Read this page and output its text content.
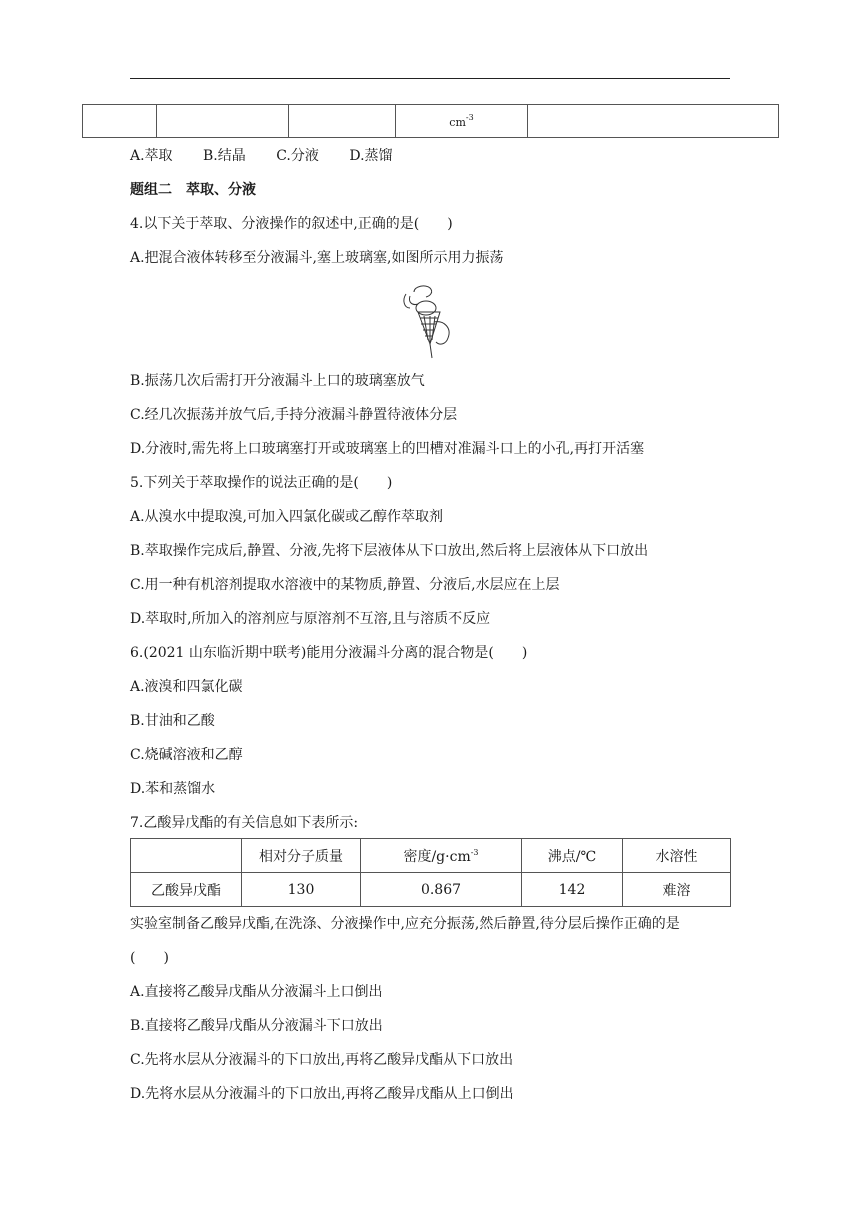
			$cm^{-3}$	
A.萃取 B.结晶 C.分液 D.蒸馏
题组二　萃取、分液
4.以下关于萃取、分液操作的叙述中,正确的是(　　)
A.把混合液体转移至分液漏斗,塞上玻璃塞,如图所示用力振荡
B.振荡几次后需打开分液漏斗上口的玻璃塞放气
C.经几次振荡并放气后,手持分液漏斗静置待液体分层
D.分液时,需先将上口玻璃塞打开或玻璃塞上的凹槽对准漏斗口上的小孔,再打开活塞
5.下列关于萃取操作的说法正确的是(　　)
A.从溴水中提取溴,可加入四氯化碳或乙醇作萃取剂
B.萃取操作完成后,静置、分液,先将下层液体从下口放出,然后将上层液体从下口放出
C.用一种有机溶剂提取水溶液中的某物质,静置、分液后,水层应在上层
D.萃取时,所加入的溶剂应与原溶剂不互溶,且与溶质不反应
6.(2021 山东临沂期中联考)能用分液漏斗分离的混合物是(　　)
A.液溴和四氯化碳
B.甘油和乙酸
C.烧碱溶液和乙醇
D.苯和蒸馏水
7.乙酸异戊酯的有关信息如下表所示:
	相对分子质量	密度$/g\cdot cm^{-3}$	沸点/℃	水溶性
乙酸异戊酯	130	0.867	142	难溶
实验室制备乙酸异戊酯,在洗涤、分液操作中,应充分振荡,然后静置,待分层后操作正确的是
(　　)
A.直接将乙酸异戊酯从分液漏斗上口倒出
B.直接将乙酸异戊酯从分液漏斗下口放出
C.先将水层从分液漏斗的下口放出,再将乙酸异戊酯从下口放出
D.先将水层从分液漏斗的下口放出,再将乙酸异戊酯从上口倒出
